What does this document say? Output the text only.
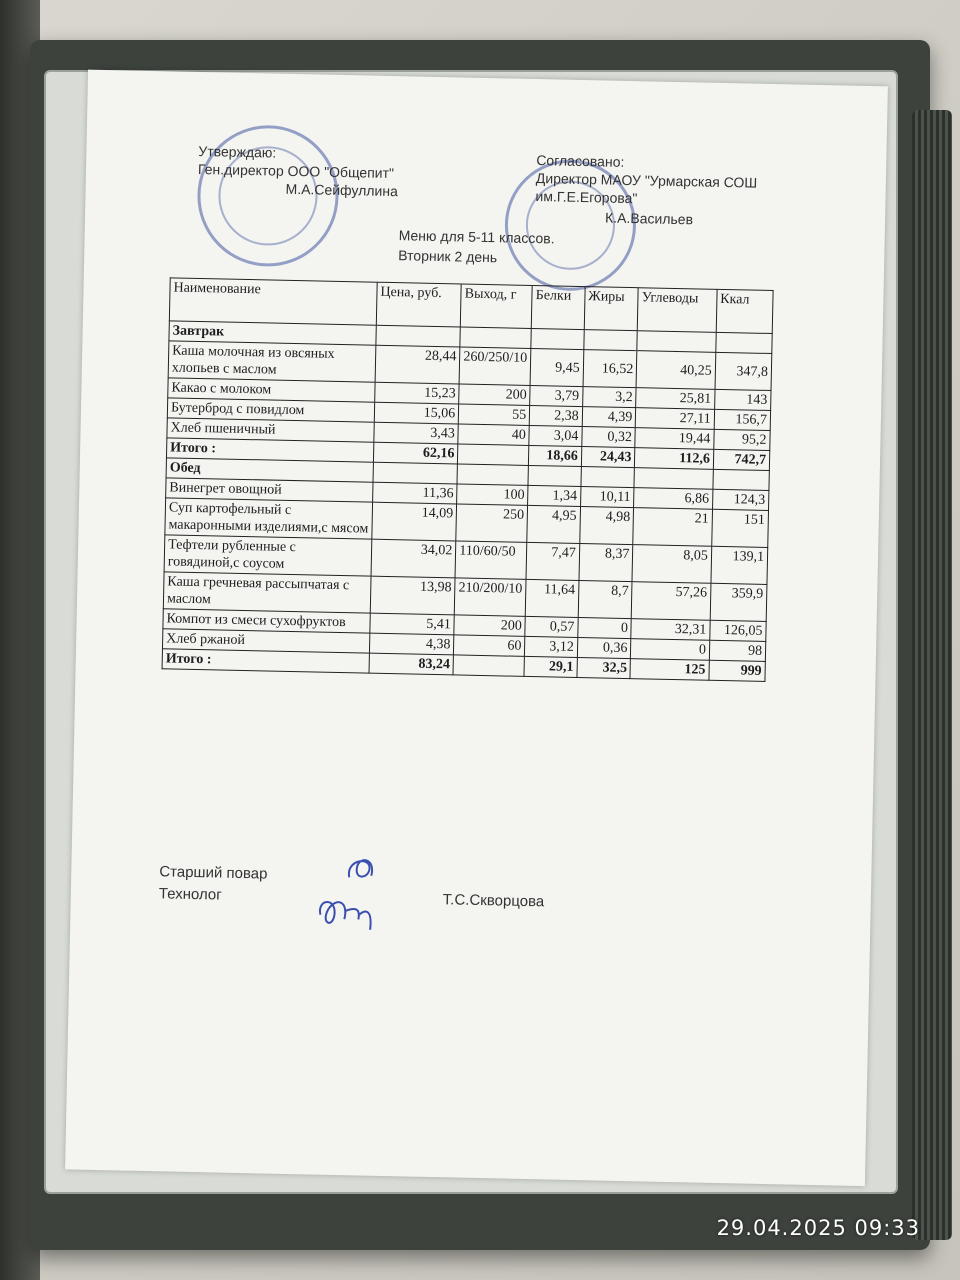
Утверждаю:
Ген.директор ООО "Общепит"
М.А.Сейфуллина
Согласовано:
Директор МАОУ "Урмарская СОШ
им.Г.Е.Егорова"
К.А.Васильев
Меню для 5-11 классов.
Вторник 2 день
Наименование	Цена, руб.	Выход, г	Белки	Жиры	Углеводы	Ккал
Завтрак						
Каша молочная из овсяных хлопьев с маслом	28,44	260/250/10	9,45	16,52	40,25	347,8
Какао с молоком	15,23	200	3,79	3,2	25,81	143
Бутерброд с повидлом	15,06	55	2,38	4,39	27,11	156,7
Хлеб пшеничный	3,43	40	3,04	0,32	19,44	95,2
Итого :	62,16		18,66	24,43	112,6	742,7
Обед						
Винегрет овощной	11,36	100	1,34	10,11	6,86	124,3
Суп картофельный с макаронными изделиями,с мясом	14,09	250	4,95	4,98	21	151
Тефтели рубленные с говядиной,с соусом	34,02	110/60/50	7,47	8,37	8,05	139,1
Каша гречневая рассыпчатая с маслом	13,98	210/200/10	11,64	8,7	57,26	359,9
Компот из смеси сухофруктов	5,41	200	0,57	0	32,31	126,05
Хлеб ржаной	4,38	60	3,12	0,36	0	98
Итого :	83,24		29,1	32,5	125	999
Старший повар
Технолог	Т.С.Скворцова
29.04.2025 09:33
